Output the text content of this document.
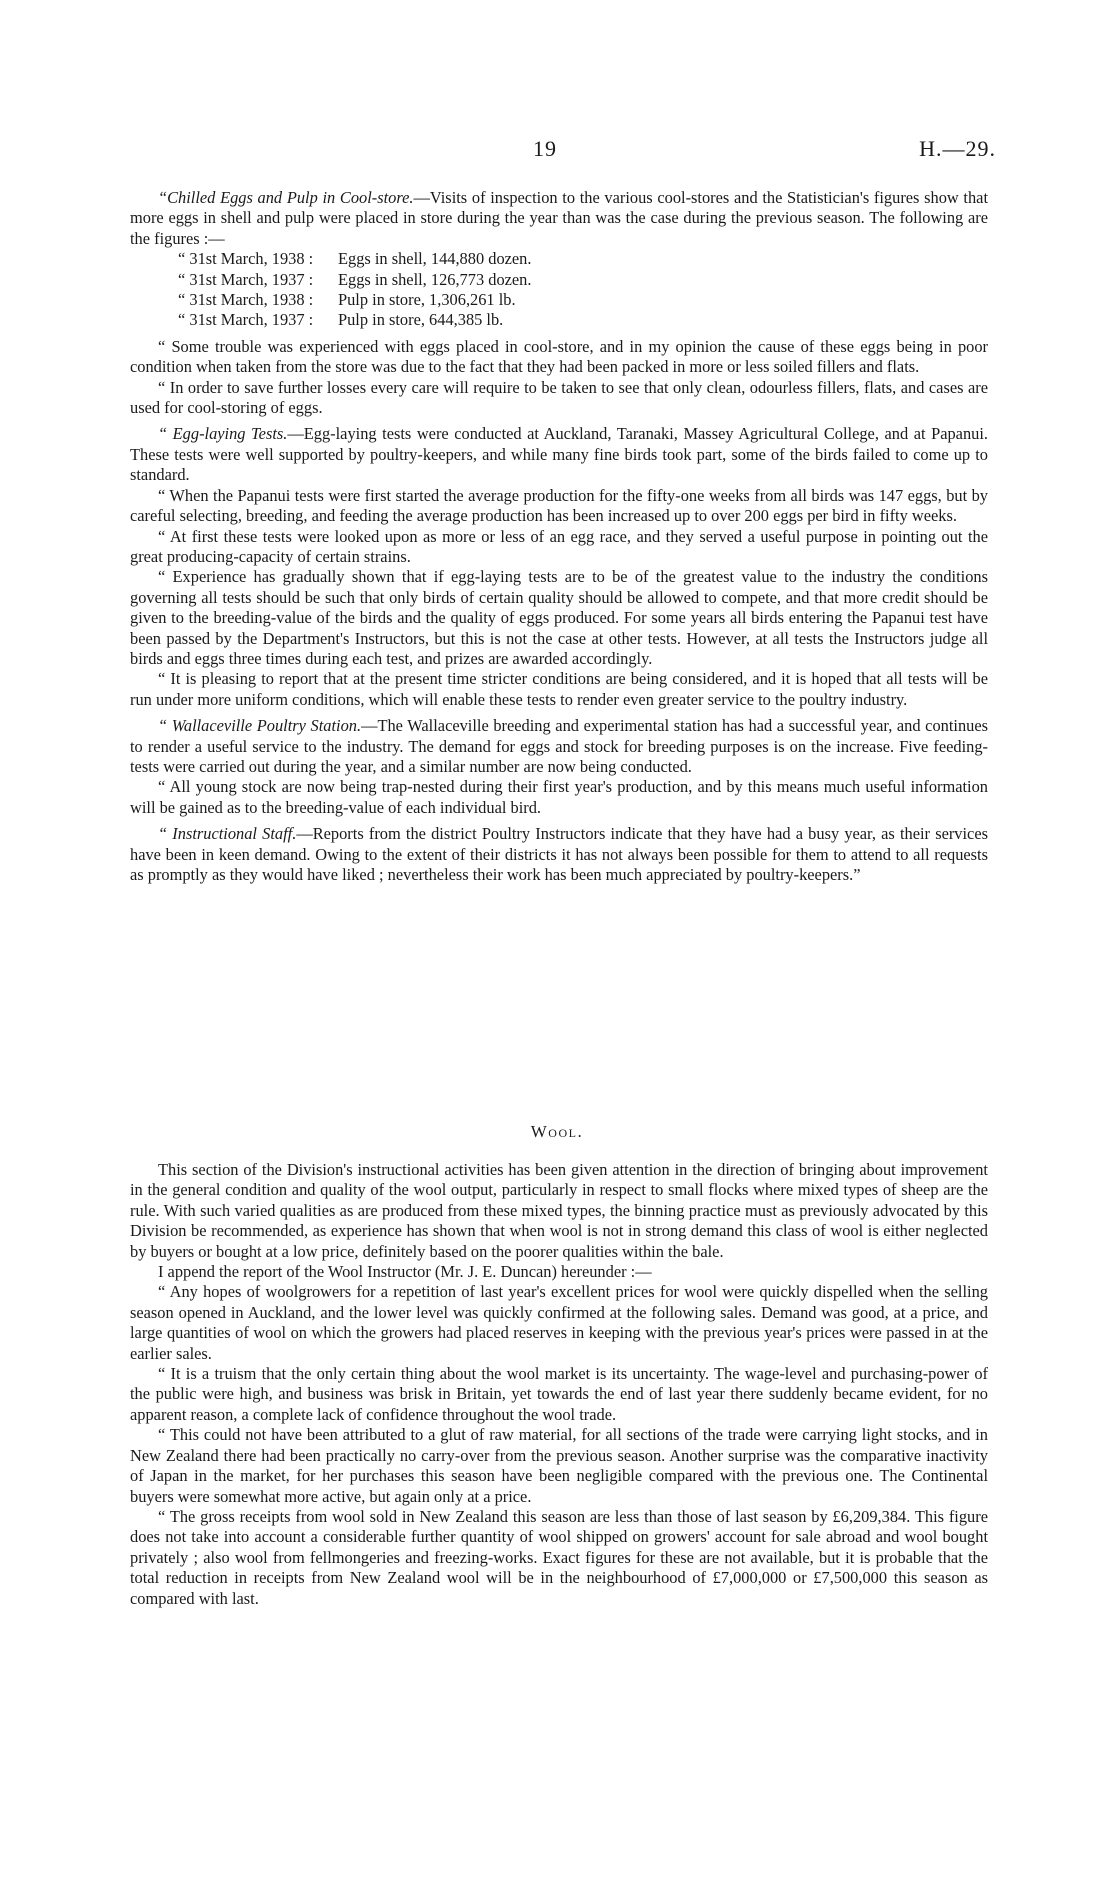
19	H.—29.

“Chilled Eggs and Pulp in Cool-store.—Visits of inspection to the various cool-stores and the Statistician's figures show that more eggs in shell and pulp were placed in store during the year than was the case during the previous season. The following are the figures :—

“ 31st March, 1938 : Eggs in shell, 144,880 dozen.

“ 31st March, 1937 : Eggs in shell, 126,773 dozen.

“ 31st March, 1938 : Pulp in store, 1,306,261 lb.

“ 31st March, 1937 : Pulp in store, 644,385 lb.

“ Some trouble was experienced with eggs placed in cool-store, and in my opinion the cause of these eggs being in poor condition when taken from the store was due to the fact that they had been packed in more or less soiled fillers and flats.

“ In order to save further losses every care will require to be taken to see that only clean, odourless fillers, flats, and cases are used for cool-storing of eggs.

“ Egg-laying Tests.—Egg-laying tests were conducted at Auckland, Taranaki, Massey Agricultural College, and at Papanui. These tests were well supported by poultry-keepers, and while many fine birds took part, some of the birds failed to come up to standard.

“ When the Papanui tests were first started the average production for the fifty-one weeks from all birds was 147 eggs, but by careful selecting, breeding, and feeding the average production has been increased up to over 200 eggs per bird in fifty weeks.

“ At first these tests were looked upon as more or less of an egg race, and they served a useful purpose in pointing out the great producing-capacity of certain strains.

“ Experience has gradually shown that if egg-laying tests are to be of the greatest value to the industry the conditions governing all tests should be such that only birds of certain quality should be allowed to compete, and that more credit should be given to the breeding-value of the birds and the quality of eggs produced. For some years all birds entering the Papanui test have been passed by the Department's Instructors, but this is not the case at other tests. However, at all tests the Instructors judge all birds and eggs three times during each test, and prizes are awarded accordingly.

“ It is pleasing to report that at the present time stricter conditions are being considered, and it is hoped that all tests will be run under more uniform conditions, which will enable these tests to render even greater service to the poultry industry.

“ Wallaceville Poultry Station.—The Wallaceville breeding and experimental station has had a successful year, and continues to render a useful service to the industry. The demand for eggs and stock for breeding purposes is on the increase. Five feeding-tests were carried out during the year, and a similar number are now being conducted.

“ All young stock are now being trap-nested during their first year's production, and by this means much useful information will be gained as to the breeding-value of each individual bird.

“ Instructional Staff.—Reports from the district Poultry Instructors indicate that they have had a busy year, as their services have been in keen demand. Owing to the extent of their districts it has not always been possible for them to attend to all requests as promptly as they would have liked ; nevertheless their work has been much appreciated by poultry-keepers.”

Wool.

This section of the Division's instructional activities has been given attention in the direction of bringing about improvement in the general condition and quality of the wool output, particularly in respect to small flocks where mixed types of sheep are the rule. With such varied qualities as are produced from these mixed types, the binning practice must as previously advocated by this Division be recommended, as experience has shown that when wool is not in strong demand this class of wool is either neglected by buyers or bought at a low price, definitely based on the poorer qualities within the bale.

I append the report of the Wool Instructor (Mr. J. E. Duncan) hereunder :—

“ Any hopes of woolgrowers for a repetition of last year's excellent prices for wool were quickly dispelled when the selling season opened in Auckland, and the lower level was quickly confirmed at the following sales. Demand was good, at a price, and large quantities of wool on which the growers had placed reserves in keeping with the previous year's prices were passed in at the earlier sales.

“ It is a truism that the only certain thing about the wool market is its uncertainty. The wage-level and purchasing-power of the public were high, and business was brisk in Britain, yet towards the end of last year there suddenly became evident, for no apparent reason, a complete lack of confidence throughout the wool trade.

“ This could not have been attributed to a glut of raw material, for all sections of the trade were carrying light stocks, and in New Zealand there had been practically no carry-over from the previous season. Another surprise was the comparative inactivity of Japan in the market, for her purchases this season have been negligible compared with the previous one. The Continental buyers were somewhat more active, but again only at a price.

“ The gross receipts from wool sold in New Zealand this season are less than those of last season by £6,209,384. This figure does not take into account a considerable further quantity of wool shipped on growers' account for sale abroad and wool bought privately ; also wool from fellmongeries and freezing-works. Exact figures for these are not available, but it is probable that the total reduction in receipts from New Zealand wool will be in the neighbourhood of £7,000,000 or £7,500,000 this season as compared with last.
